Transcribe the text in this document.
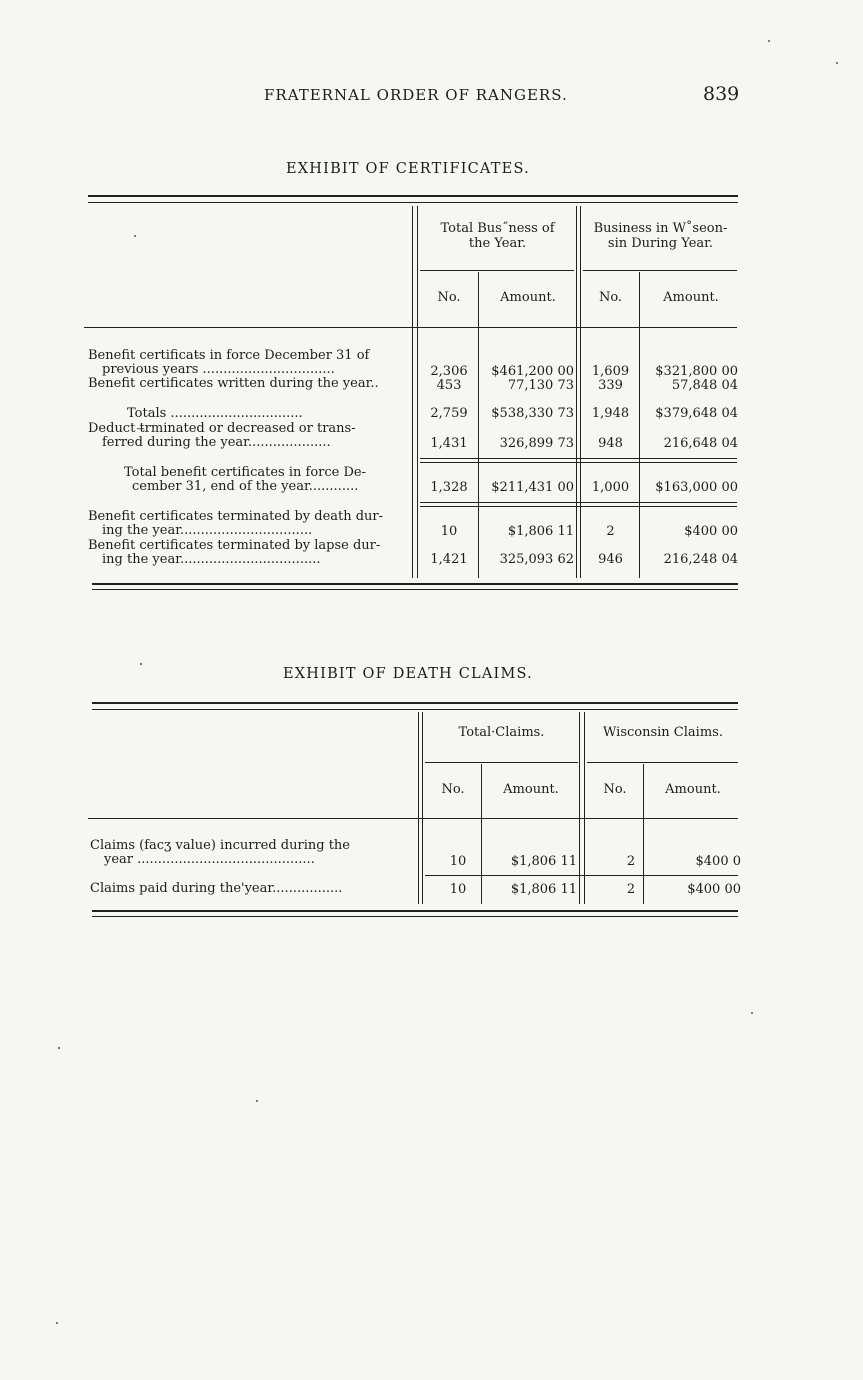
FRATERNAL ORDER OF RANGERS.	839
EXHIBIT OF CERTIFICATES.
Total Bus˝ness of
the Year.
Business in W˚seon-
sin During Year.
No.	Amount.	No.	Amount.
Benefit certificat̵s in force December 31 of
previous years ................................	2,306	$461,200 00	1,609	$321,800 00
Benefit certificates written during the year..	453	77,130 73	339	57,848 04
Totals ................................	2,759	$538,330 73	1,948	$379,648 04
Deduct t̶rminated or decreased or trans-
ferred during the year....................	1,431	326,899 73	948	216,648 04
Total benefit certificates in force De-
cember 31, end of the year............	1,328	$211,431 00	1,000	$163,000 00
Benefit certificates terminated by death dur-
ing the year................................	10	$1,806 11	2	$400 00
Benefit certificates terminated by lapse dur-
ing the year..................................	1,421	325,093 62	946	216,248 04
EXHIBIT OF DEATH CLAIMS.
Total·Claims.	Wisconsin Claims.
No.	Amount.	No.	Amount.
Claims (facʒ value) incurred during the
year ...........................................	10	$1,806 11	2	$400 ⁠0
Claims paid during the'year.................	10	$1,806 11	2	$400 00
